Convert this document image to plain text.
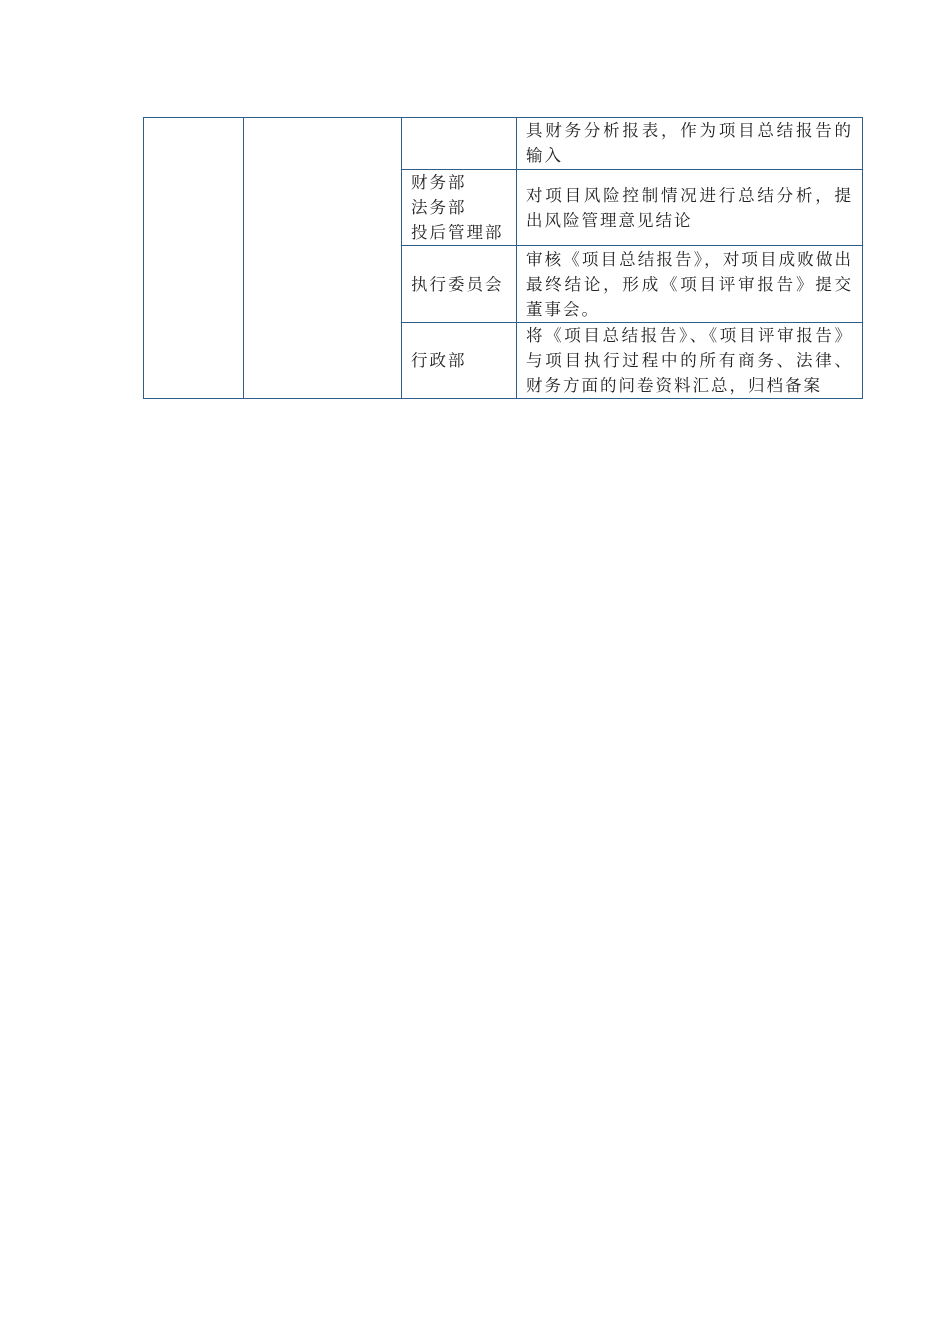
			具财务分析报表，作为项目总结报告的输入

		财务部
法务部
投后管理部	对项目风险控制情况进行总结分析，提出风险管理意见结论

		执行委员会	审核《项目总结报告》，对项目成败做出最终结论，形成《项目评审报告》提交董事会。

		行政部	将《项目总结报告》、《项目评审报告》与项目执行过程中的所有商务、法律、财务方面的问卷资料汇总，归档备案
